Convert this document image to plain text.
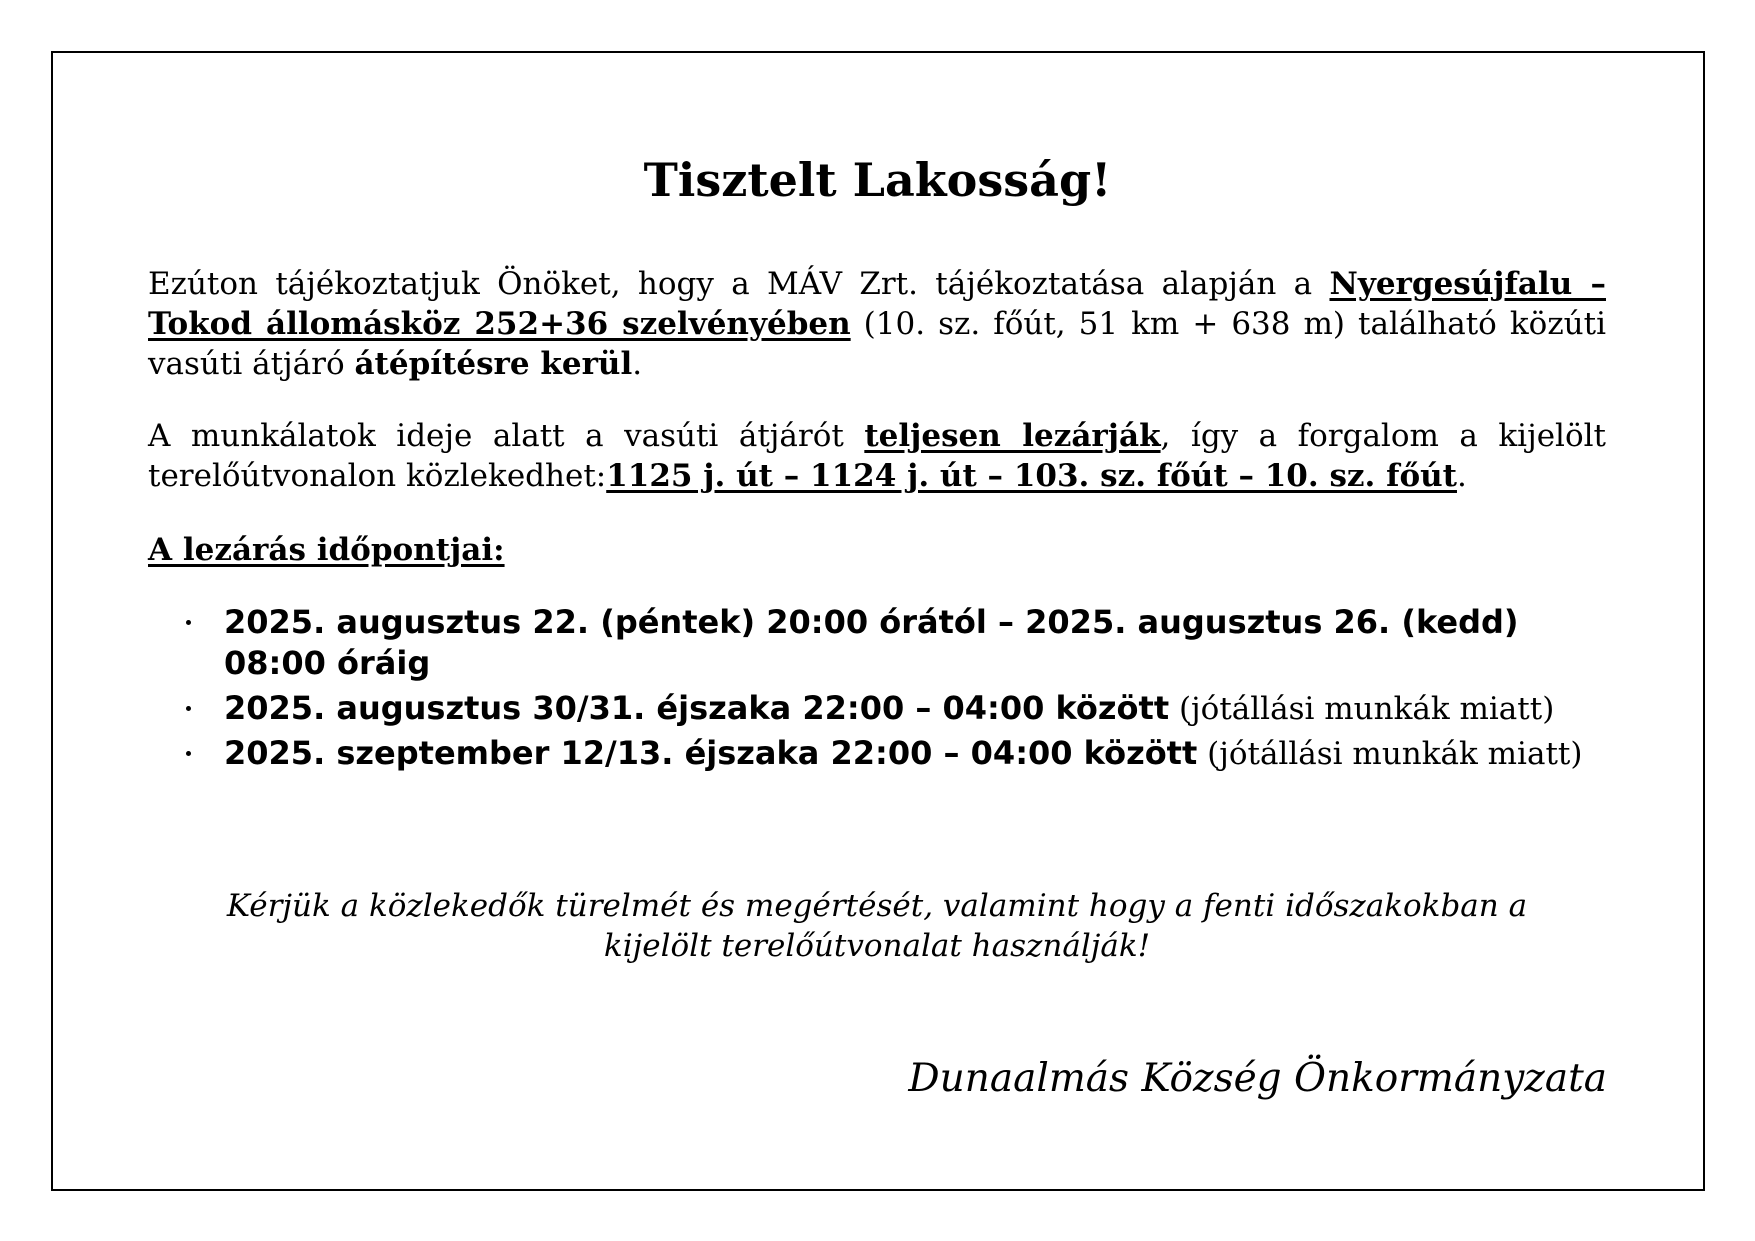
Tisztelt Lakosság!
Ezúton tájékoztatjuk Önöket, hogy a MÁV Zrt. tájékoztatása alapján a Nyergesújfalu – Tokod állomásköz 252+36 szelvényében (10. sz. főút, 51 km + 638 m) található közúti vasúti átjáró átépítésre kerül.
A munkálatok ideje alatt a vasúti átjárót teljesen lezárják, így a forgalom a kijelölt terelőútvonalon közlekedhet:1125 j. út – 1124 j. út – 103. sz. főút – 10. sz. főút.
A lezárás időpontjai:
2025. augusztus 22. (péntek) 20:00 órától – 2025. augusztus 26. (kedd) 08:00 óráig
2025. augusztus 30/31. éjszaka 22:00 – 04:00 között (jótállási munkák miatt)
2025. szeptember 12/13. éjszaka 22:00 – 04:00 között (jótállási munkák miatt)
Kérjük a közlekedők türelmét és megértését, valamint hogy a fenti időszakokban a
kijelölt terelőútvonalat használják!
Dunaalmás Község Önkormányzata
